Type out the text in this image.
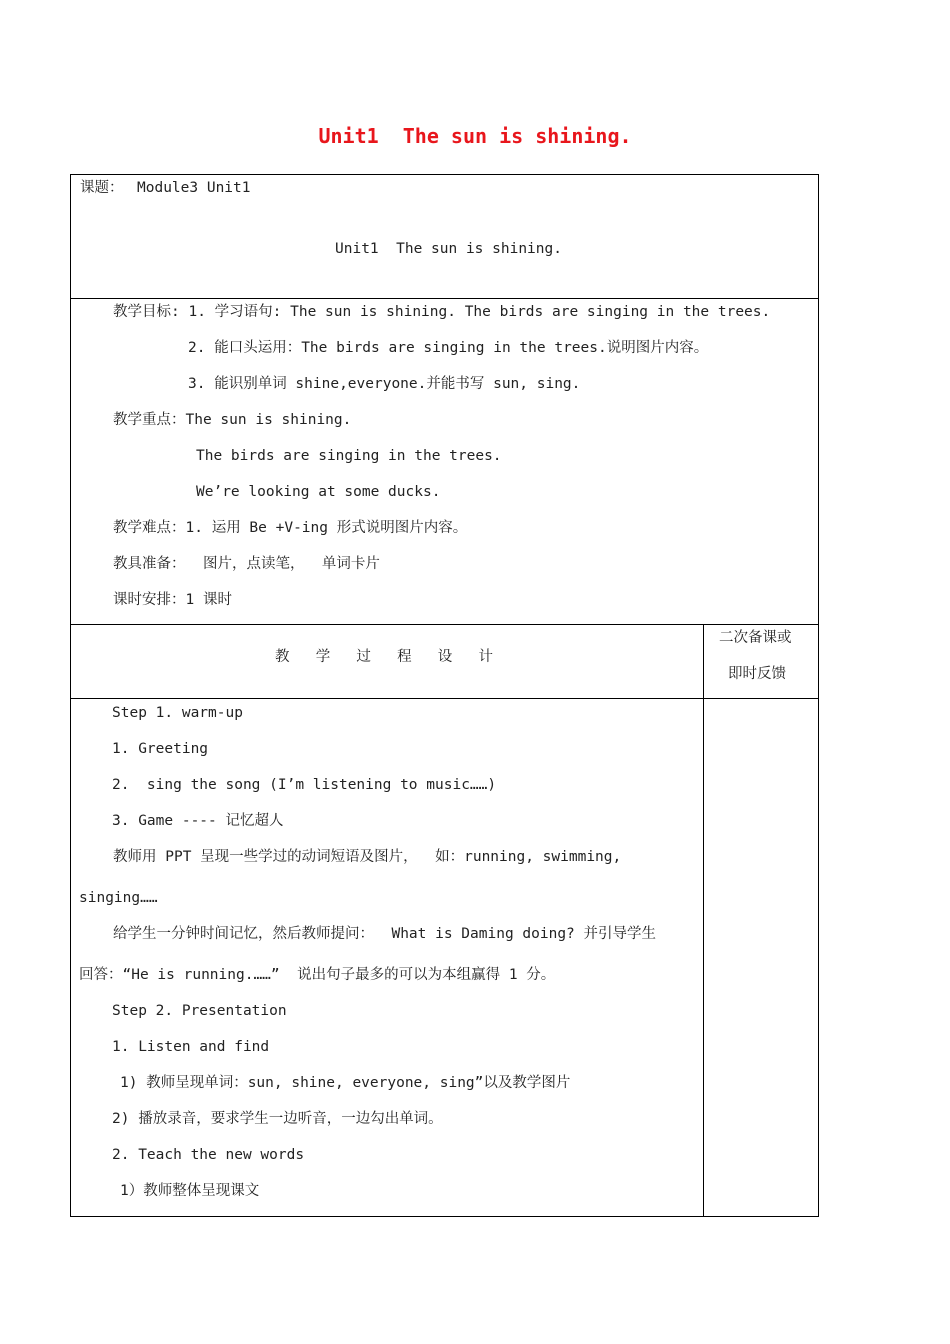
Unit1  The sun is shining.
课题： Module3 Unit1
Unit1  The sun is shining.
教学目标: 1. 学习语句: The sun is shining. The birds are singing in the trees.
2. 能口头运用：The birds are singing in the trees.说明图片内容。
3. 能识别单词 shine,everyone.并能书写 sun, sing.
教学重点：The sun is shining.
The birds are singing in the trees.
We’re looking at some ducks.
教学难点：1. 运用 Be +V-ing 形式说明图片内容。
教具准备：  图片，点读笔，  单词卡片
课时安排：1 课时
教   学   过   程   设   计
二次备课或
即时反馈
Step 1. warm-up
1. Greeting
2.  sing the song (I’m listening to music……)
3. Game ---- 记忆超人
教师用 PPT 呈现一些学过的动词短语及图片，  如：running, swimming,
singing……
给学生一分钟时间记忆，然后教师提问：  What is Daming doing? 并引导学生
回答：“He is running.……”  说出句子最多的可以为本组赢得 1 分。
Step 2. Presentation
1. Listen and find
1) 教师呈现单词：sun, shine, everyone, sing”以及教学图片
2) 播放录音，要求学生一边听音，一边勾出单词。
2. Teach the new words
1）教师整体呈现课文
